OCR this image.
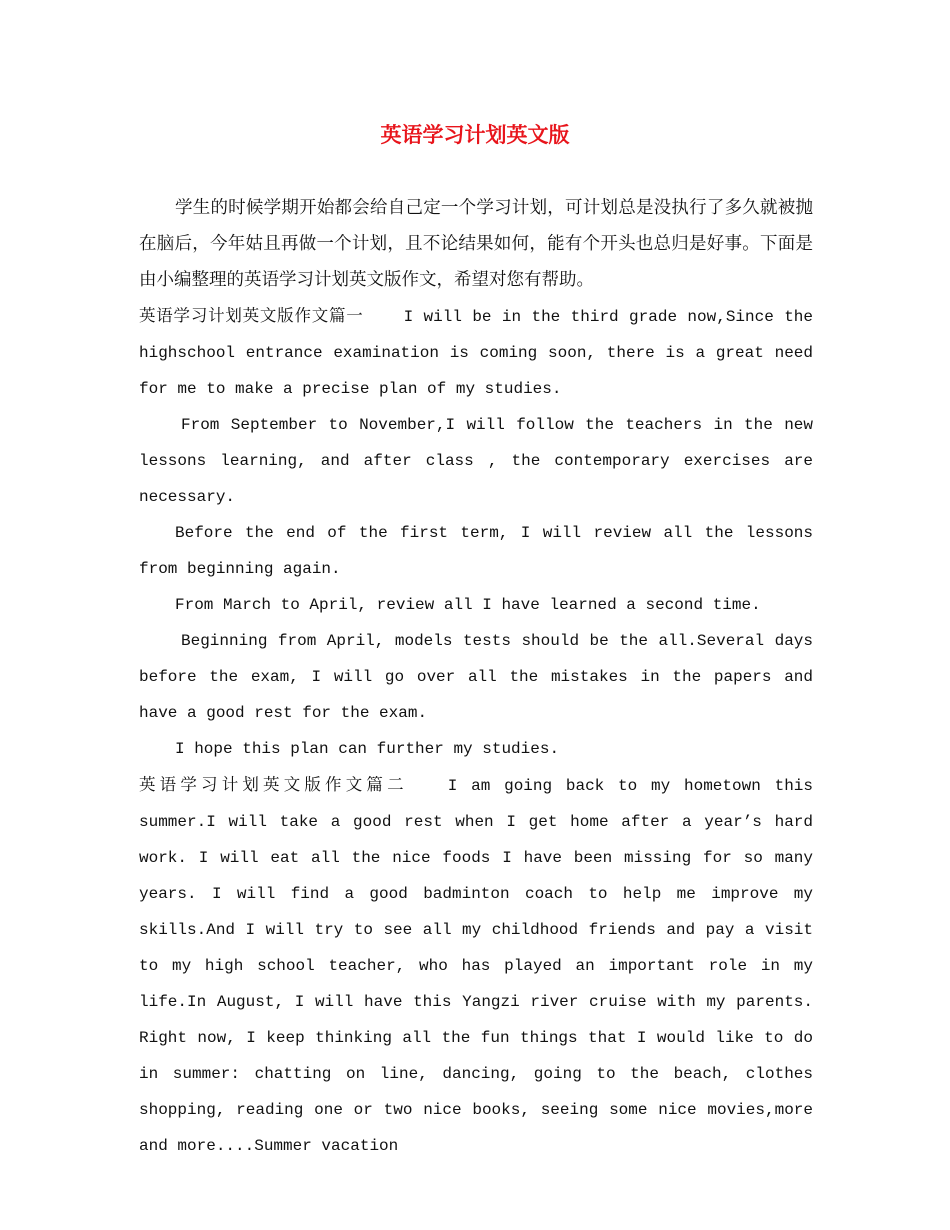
英语学习计划英文版

学生的时候学期开始都会给自己定一个学习计划，可计划总是没执行了多久就被抛在脑后，今年姑且再做一个计划，且不论结果如何，能有个开头也总归是好事。下面是由小编整理的英语学习计划英文版作文，希望对您有帮助。

英语学习计划英文版作文篇一	I will be in the third grade now,Since the highschool entrance examination is coming soon, there is a great need for me to make a precise plan of my studies.

From September to November,I will follow the teachers in the new lessons learning, and after class , the contemporary exercises are necessary.

Before the end of the first term, I will review all the lessons from beginning again.

From March to April, review all I have learned a second time.

Beginning from April, models tests should be the all.Several days before the exam, I will go over all the mistakes in the papers and have a good rest for the exam.

I hope this plan can further my studies.

英语学习计划英文版作文篇二	I am going back to my hometown this summer.I will take a good rest when I get home after a year’s hard work. I will eat all the nice foods I have been missing for so many years. I will find a good badminton coach to help me improve my skills.And I will try to see all my childhood friends and pay a visit to my high school teacher, who has played an important role in my life.In August, I will have this Yangzi river cruise with my parents. Right now, I keep thinking all the fun things that I would like to do in summer: chatting on line, dancing, going to the beach, clothes shopping, reading one or two nice books, seeing some nice movies,more and more....Summer vacation
